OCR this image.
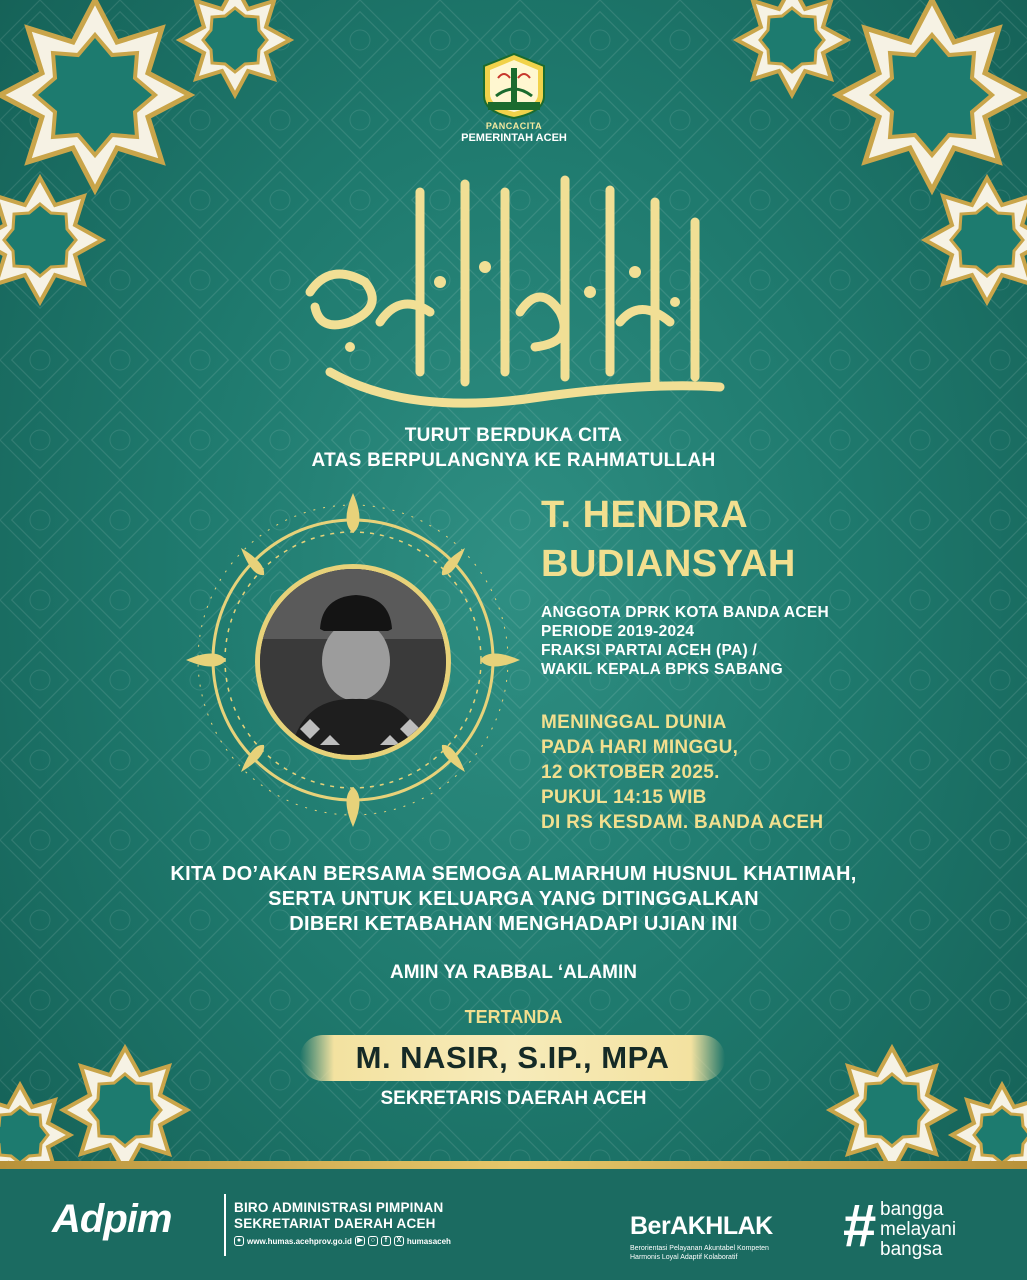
PANCACITA
PEMERINTAH ACEH
TURUT BERDUKA CITA
ATAS BERPULANGNYA KE RAHMATULLAH
T. HENDRA
BUDIANSYAH
ANGGOTA DPRK KOTA BANDA ACEH
PERIODE 2019-2024
FRAKSI PARTAI ACEH (PA) /
WAKIL KEPALA BPKS SABANG
MENINGGAL DUNIA
PADA HARI MINGGU,
12 OKTOBER 2025.
PUKUL 14:15 WIB
DI RS KESDAM. BANDA ACEH
KITA DO’AKAN BERSAMA SEMOGA ALMARHUM HUSNUL KHATIMAH,
SERTA UNTUK KELUARGA YANG DITINGGALKAN
DIBERI KETABAHAN MENGHADAPI UJIAN INI
AMIN YA RABBAL ‘ALAMIN
TERTANDA
M. NASIR, S.IP., MPA
SEKRETARIS DAERAH ACEH
Adpim	BIRO ADMINISTRASI PIMPINAN
SEKRETARIAT DAERAH ACEH
● www.humas.acehprov.go.id ▶	○	f	X humasaceh
BerAKHLAK
Berorientasi Pelayanan Akuntabel Kompeten
Harmonis Loyal Adaptif Kolaboratif	# bangga
melayani
bangsa
